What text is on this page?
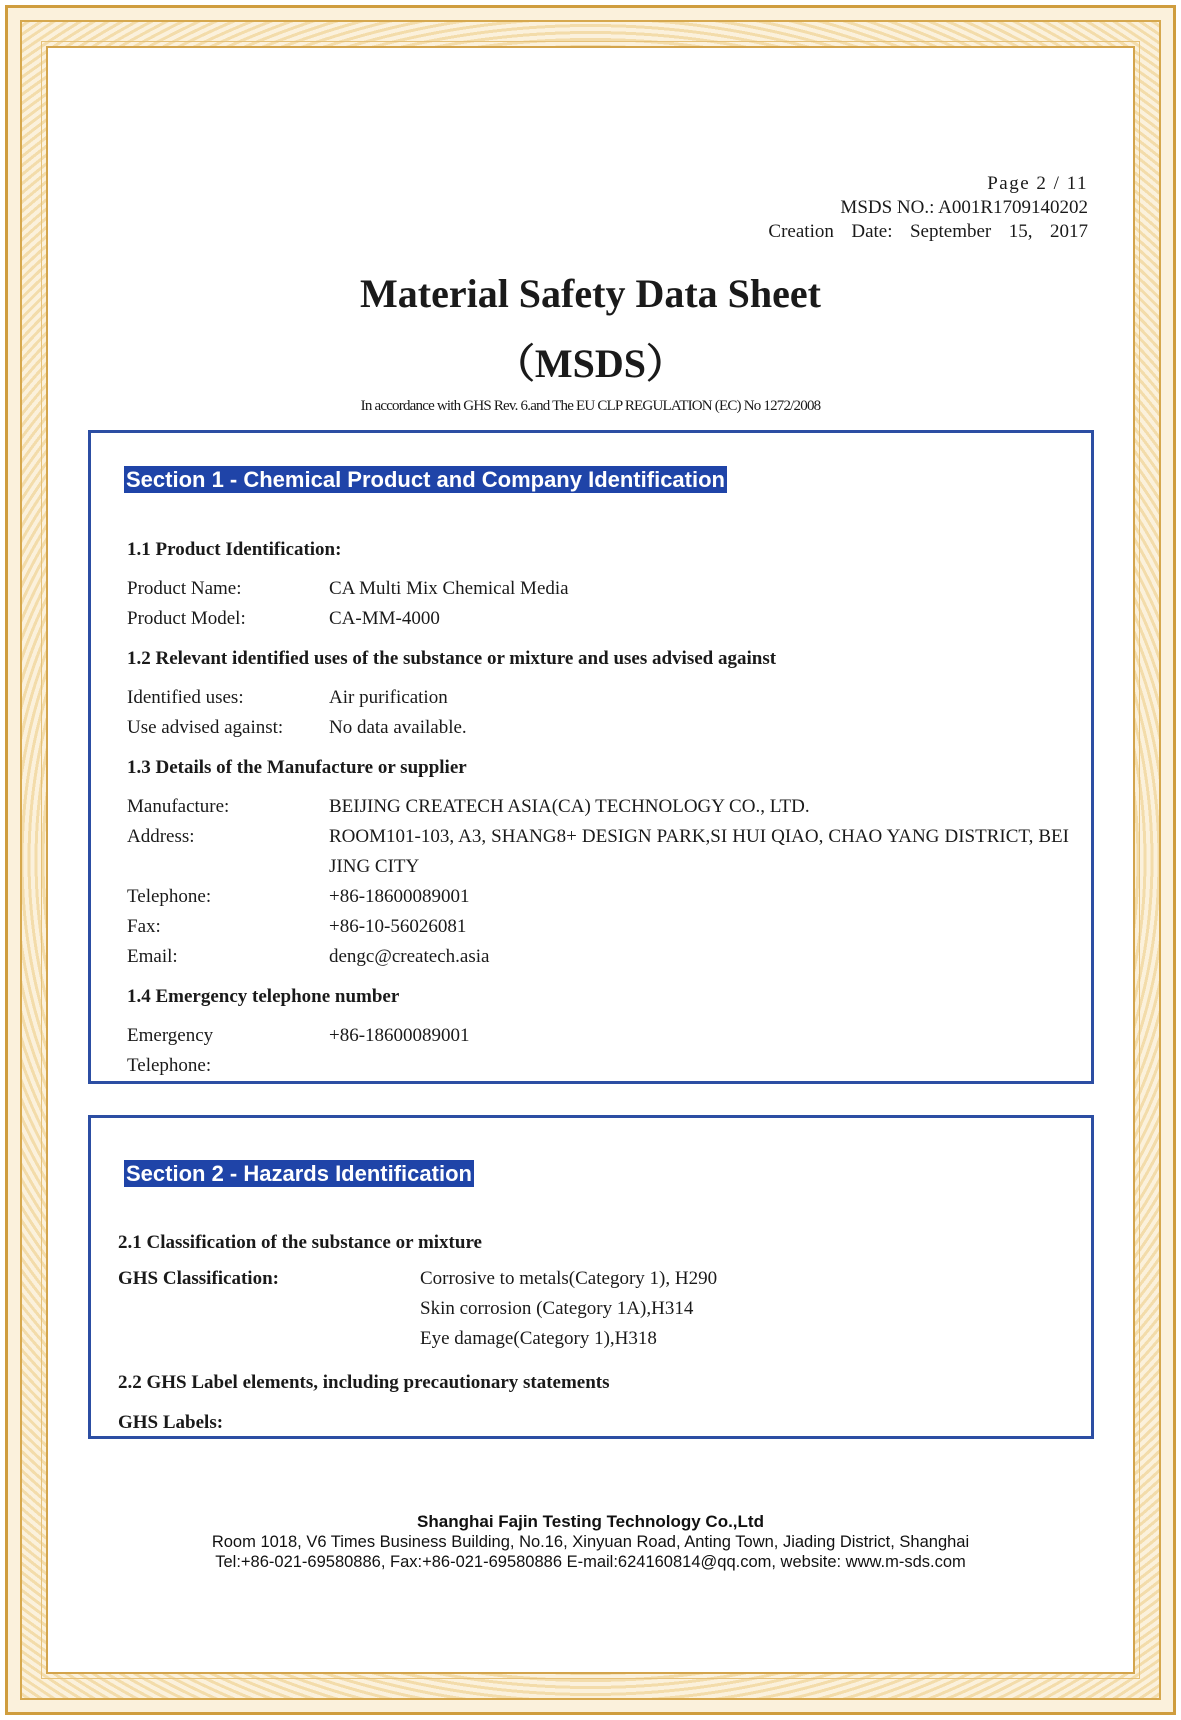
Page 2 / 11
MSDS NO.: A001R1709140202
Creation  Date:  September  15,  2017
Material Safety Data Sheet
（MSDS）
In accordance with GHS Rev. 6.and The EU CLP REGULATION (EC) No 1272/2008
Section 1 - Chemical Product and Company Identification
1.1 Product Identification:
Product Name:	CA Multi Mix Chemical Media
Product Model:	CA-MM-4000
1.2 Relevant identified uses of the substance or mixture and uses advised against
Identified uses:	Air purification
Use advised against: No data available.
1.3 Details of the Manufacture or supplier
Manufacture:	BEIJING CREATECH ASIA(CA) TECHNOLOGY CO., LTD.
Address:	ROOM101-103, A3, SHANG8+ DESIGN PARK,SI HUI QIAO, CHAO YANG DISTRICT, BEI JING CITY
Telephone:	+86-18600089001
Fax:	+86-10-56026081
Email:	dengc@createch.asia
1.4 Emergency telephone number
Emergency	+86-18600089001
Telephone:
Section 2 - Hazards Identification
2.1 Classification of the substance or mixture
GHS Classification:	Corrosive to metals(Category 1), H290
Skin corrosion (Category 1A),H314
Eye damage(Category 1),H318
2.2 GHS Label elements, including precautionary statements
GHS Labels:
Shanghai Fajin Testing Technology Co.,Ltd
Room 1018, V6 Times Business Building, No.16, Xinyuan Road, Anting Town, Jiading District, Shanghai
Tel:+86-021-69580886, Fax:+86-021-69580886 E-mail:624160814@qq.com, website: www.m-sds.com
